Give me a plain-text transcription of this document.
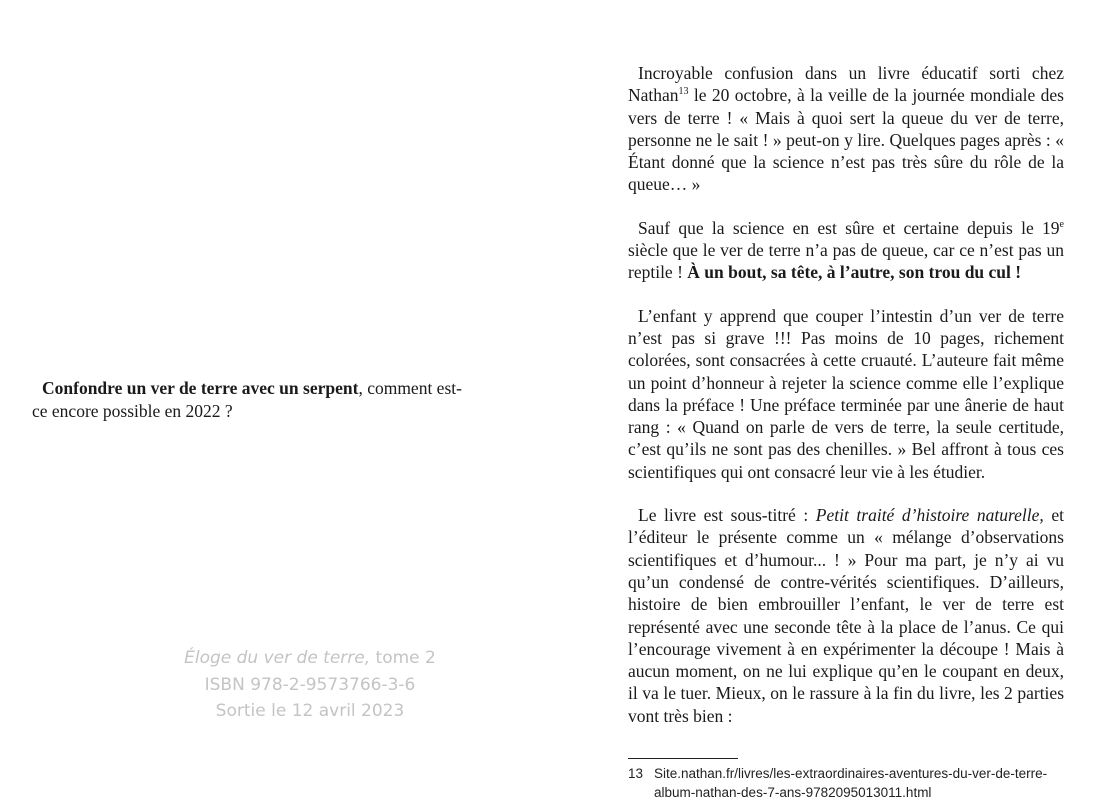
Confondre un ver de terre avec un serpent, comment est-ce encore possible en 2022 ?
Éloge du ver de terre, tome 2
ISBN 978-2-9573766-3-6
Sortie le 12 avril 2023

Incroyable confusion dans un livre éducatif sorti chez Nathan$^{13}$ le 20 octobre, à la veille de la journée mondiale des vers de terre ! « Mais à quoi sert la queue du ver de terre, personne ne le sait ! » peut-on y lire. Quelques pages après : « Étant donné que la science n’est pas très sûre du rôle de la queue… »

Sauf que la science en est sûre et certaine depuis le 19e siècle que le ver de terre n’a pas de queue, car ce n’est pas un reptile ! À un bout, sa tête, à l’autre, son trou du cul !

L’enfant y apprend que couper l’intestin d’un ver de terre n’est pas si grave !!! Pas moins de 10 pages, richement colorées, sont consacrées à cette cruauté. L’auteure fait même un point d’honneur à rejeter la science comme elle l’explique dans la préface ! Une préface terminée par une ânerie de haut rang : « Quand on parle de vers de terre, la seule certitude, c’est qu’ils ne sont pas des chenilles. » Bel affront à tous ces scientifiques qui ont consacré leur vie à les étudier.

Le livre est sous-titré : Petit traité d’histoire naturelle, et l’éditeur le présente comme un « mélange d’observations scientifiques et d’humour... ! » Pour ma part, je n’y ai vu qu’un condensé de contre-vérités scientifiques. D’ailleurs, histoire de bien embrouiller l’enfant, le ver de terre est représenté avec une seconde tête à la place de l’anus. Ce qui l’encourage vivement à en expérimenter la découpe ! Mais à aucun moment, on ne lui explique qu’en le coupant en deux, il va le tuer. Mieux, on le rassure à la fin du livre, les 2 parties vont très bien :

13 Site.nathan.fr/livres/les-extraordinaires-aventures-du-ver-de-terre-album-nathan-des-7-ans-9782095013011.html
